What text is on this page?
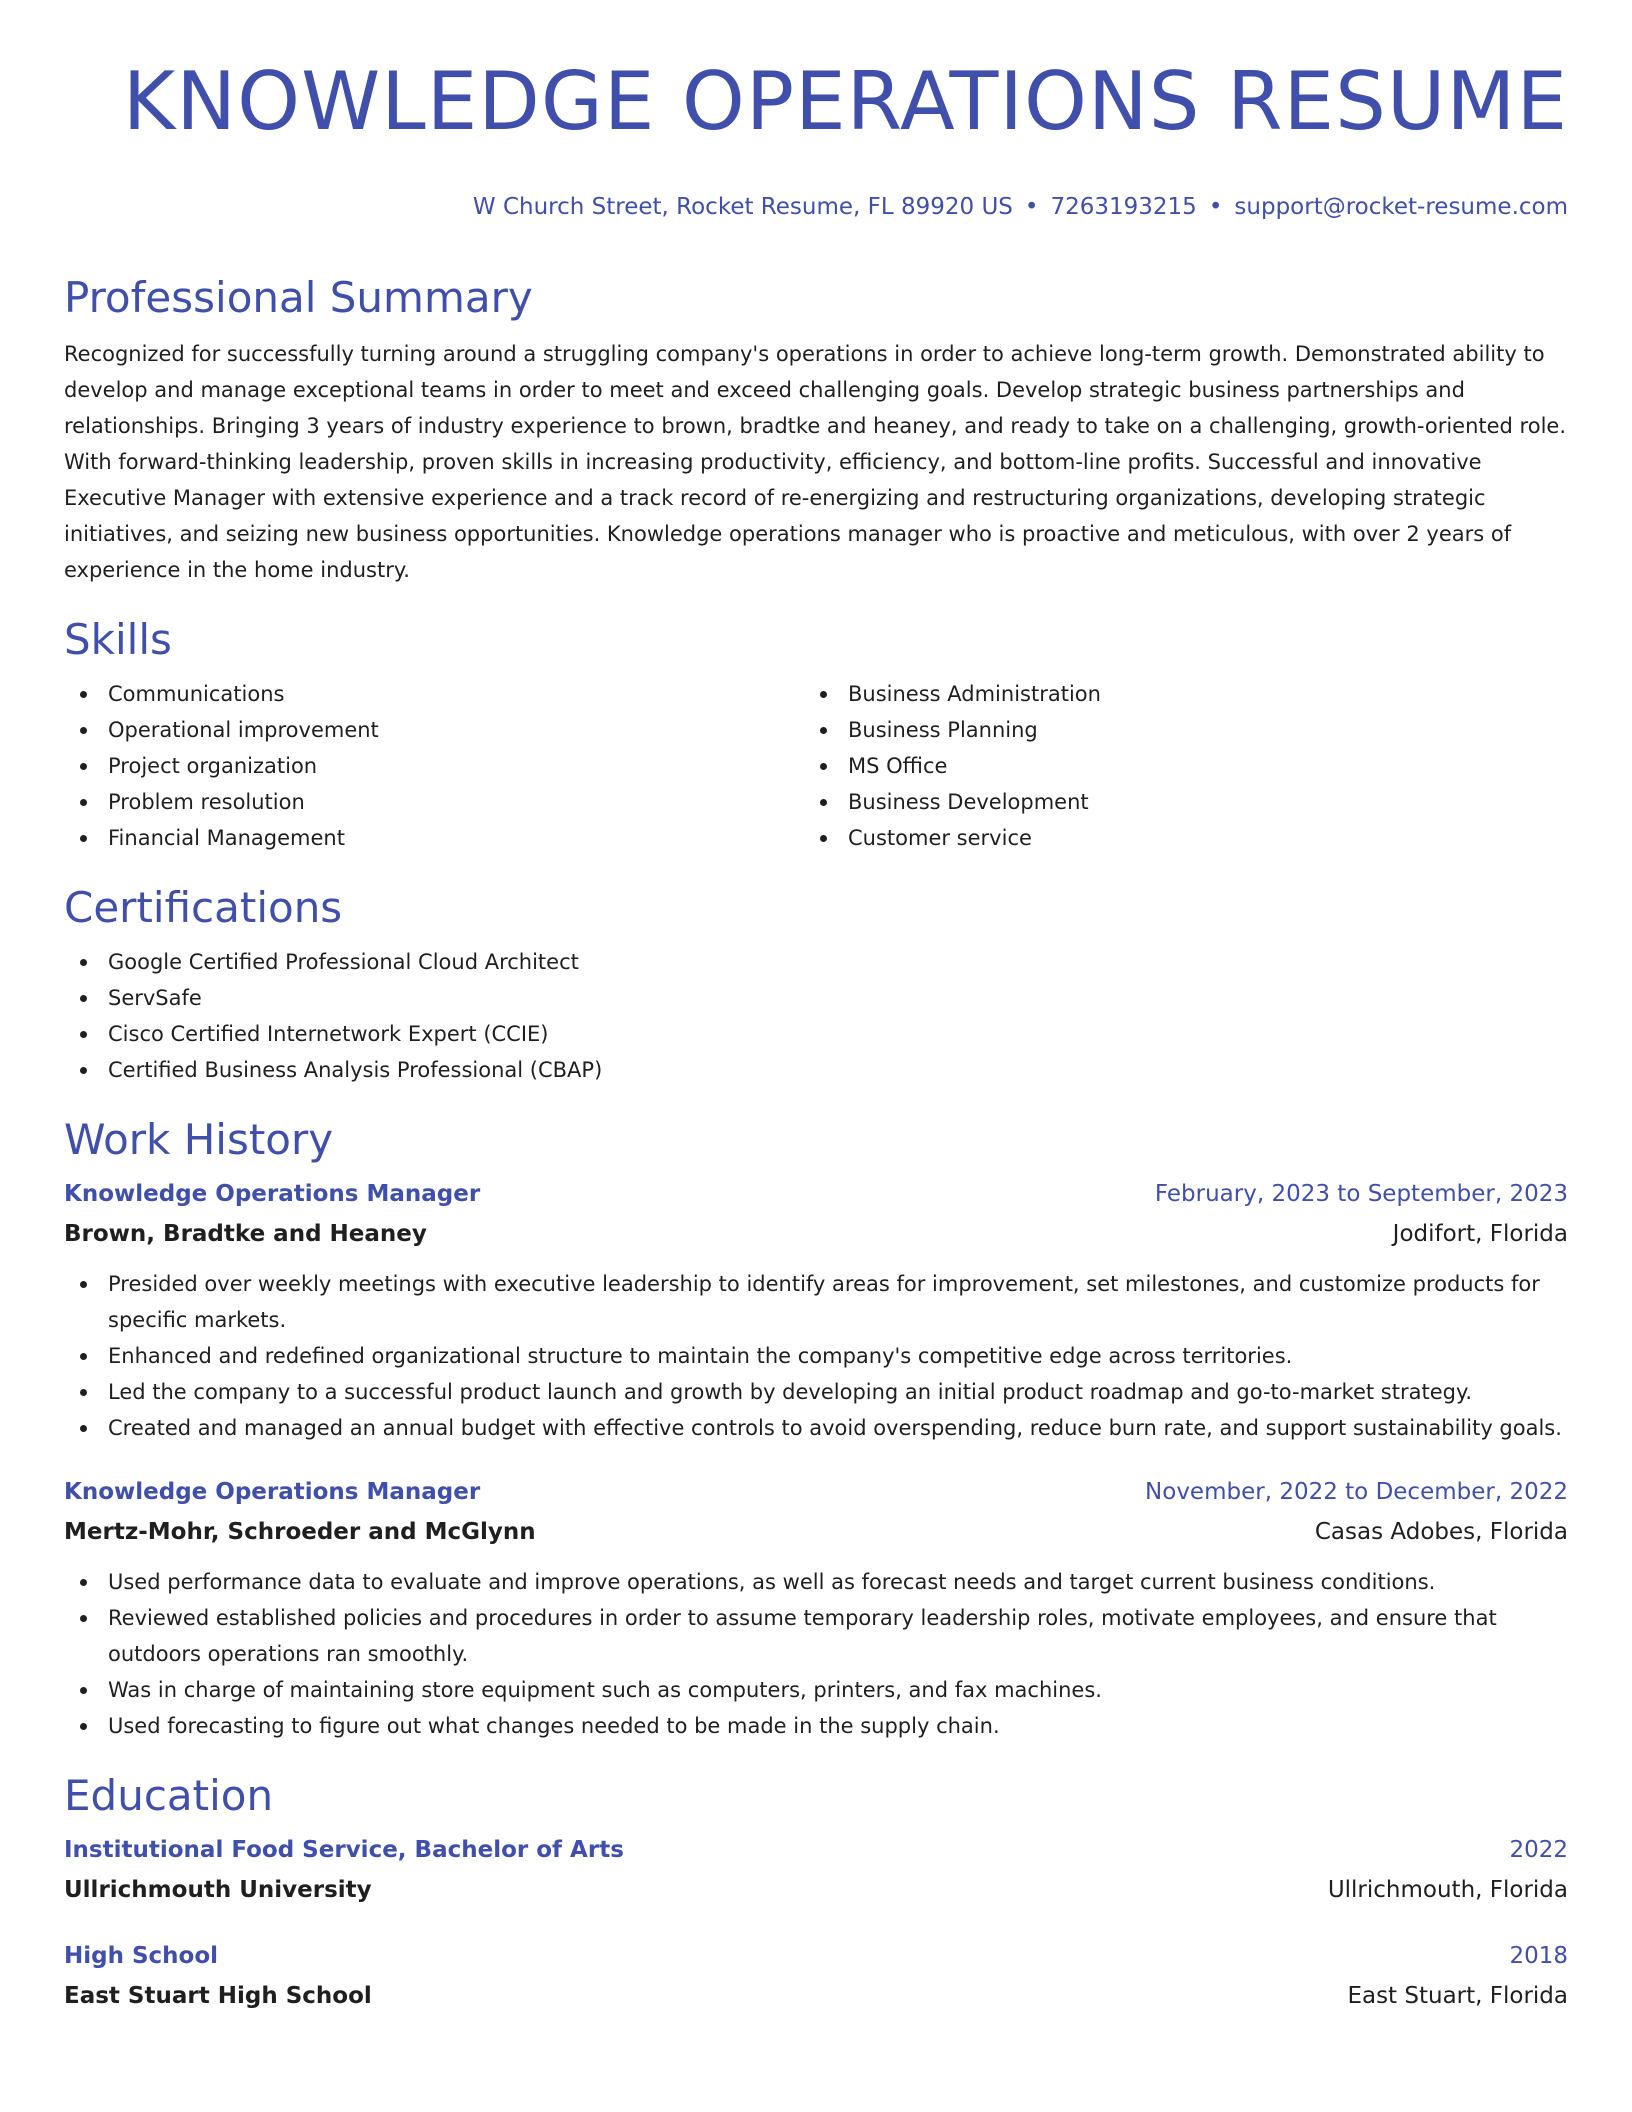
KNOWLEDGE OPERATIONS RESUME
W Church Street, Rocket Resume, FL 89920 US • 7263193215 • support@rocket-resume.com
Professional Summary
Recognized for successfully turning around a struggling company's operations in order to achieve long-term growth. Demonstrated ability to develop and manage exceptional teams in order to meet and exceed challenging goals. Develop strategic business partnerships and relationships. Bringing 3 years of industry experience to brown, bradtke and heaney, and ready to take on a challenging, growth-oriented role. With forward-thinking leadership, proven skills in increasing productivity, efficiency, and bottom-line profits. Successful and innovative Executive Manager with extensive experience and a track record of re-energizing and restructuring organizations, developing strategic initiatives, and seizing new business opportunities. Knowledge operations manager who is proactive and meticulous, with over 2 years of experience in the home industry.
Skills
Communications
Operational improvement
Project organization
Problem resolution
Financial Management
Business Administration
Business Planning
MS Office
Business Development
Customer service
Certifications
Google Certified Professional Cloud Architect
ServSafe
Cisco Certified Internetwork Expert (CCIE)
Certified Business Analysis Professional (CBAP)
Work History
Knowledge Operations Manager	February, 2023 to September, 2023
Brown, Bradtke and Heaney	Jodifort, Florida
Presided over weekly meetings with executive leadership to identify areas for improvement, set milestones, and customize products for specific markets.
Enhanced and redefined organizational structure to maintain the company's competitive edge across territories.
Led the company to a successful product launch and growth by developing an initial product roadmap and go-to-market strategy.
Created and managed an annual budget with effective controls to avoid overspending, reduce burn rate, and support sustainability goals.
Knowledge Operations Manager	November, 2022 to December, 2022
Mertz-Mohr, Schroeder and McGlynn	Casas Adobes, Florida
Used performance data to evaluate and improve operations, as well as forecast needs and target current business conditions.
Reviewed established policies and procedures in order to assume temporary leadership roles, motivate employees, and ensure that outdoors operations ran smoothly.
Was in charge of maintaining store equipment such as computers, printers, and fax machines.
Used forecasting to figure out what changes needed to be made in the supply chain.
Education
Institutional Food Service, Bachelor of Arts	2022
Ullrichmouth University	Ullrichmouth, Florida
High School	2018
East Stuart High School	East Stuart, Florida
